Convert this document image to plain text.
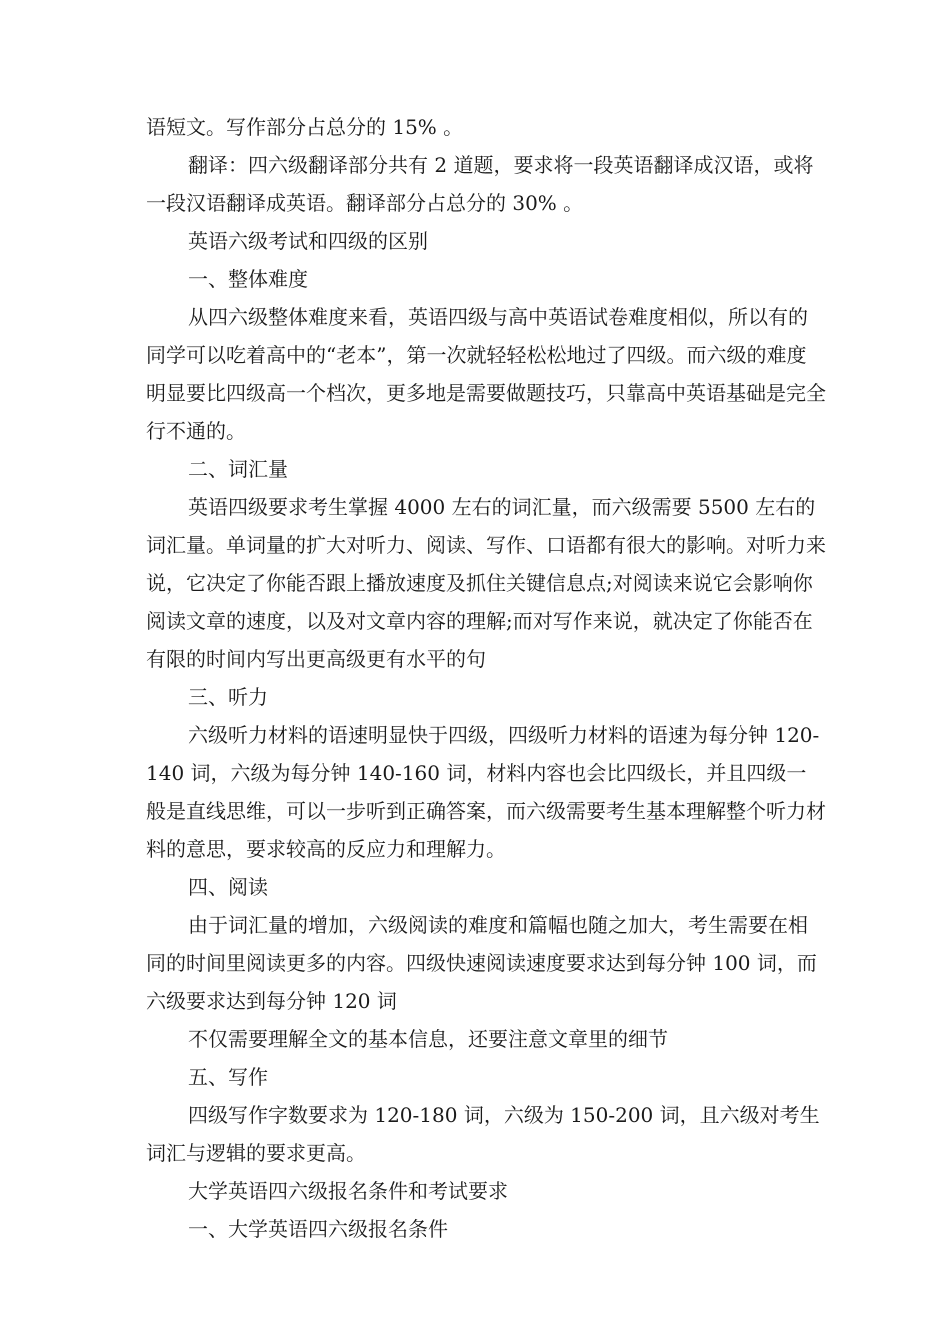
语短文。写作部分占总分的 15% 。

翻译：四六级翻译部分共有 2 道题，要求将一段英语翻译成汉语，或将一段汉语翻译成英语。翻译部分占总分的 30% 。

英语六级考试和四级的区别

一、整体难度

从四六级整体难度来看，英语四级与高中英语试卷难度相似，所以有的同学可以吃着高中的“老本”，第一次就轻轻松松地过了四级。而六级的难度明显要比四级高一个档次，更多地是需要做题技巧，只靠高中英语基础是完全行不通的。

二、词汇量

英语四级要求考生掌握 4000 左右的词汇量，而六级需要 5500 左右的词汇量。单词量的扩大对听力、阅读、写作、口语都有很大的影响。对听力来说，它决定了你能否跟上播放速度及抓住关键信息点;对阅读来说它会影响你阅读文章的速度，以及对文章内容的理解;而对写作来说，就决定了你能否在有限的时间内写出更高级更有水平的句

三、听力

六级听力材料的语速明显快于四级，四级听力材料的语速为每分钟 120-140 词，六级为每分钟 140-160 词，材料内容也会比四级长，并且四级一般是直线思维，可以一步听到正确答案，而六级需要考生基本理解整个听力材料的意思，要求较高的反应力和理解力。

四、阅读

由于词汇量的增加，六级阅读的难度和篇幅也随之加大，考生需要在相同的时间里阅读更多的内容。四级快速阅读速度要求达到每分钟 100 词，而六级要求达到每分钟 120 词

不仅需要理解全文的基本信息，还要注意文章里的细节

五、写作

四级写作字数要求为 120-180 词，六级为 150-200 词，且六级对考生词汇与逻辑的要求更高。

大学英语四六级报名条件和考试要求

一、大学英语四六级报名条件
